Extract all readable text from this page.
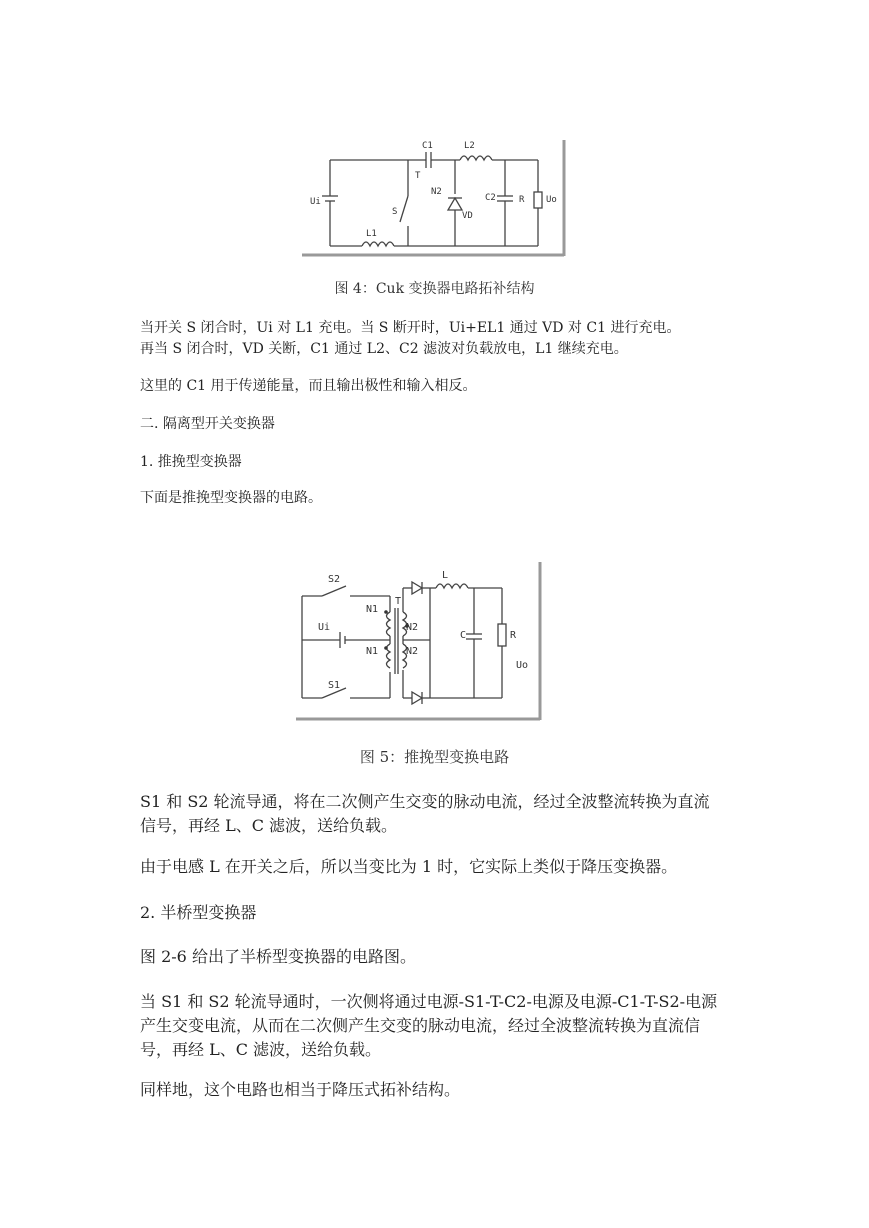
C1	L2
T
N2
Ui
S
C2	R Uo
VD
L1
图 4：Cuk 变换器电路拓补结构
当开关 S 闭合时，Ui 对 L1 充电。当 S 断开时，Ui+EL1 通过 VD 对 C1 进行充电。
再当 S 闭合时，VD 关断，C1 通过 L2、C2 滤波对负载放电，L1 继续充电。
这里的 C1 用于传递能量，而且输出极性和输入相反。
二. 隔离型开关变换器
1. 推挽型变换器
下面是推挽型变换器的电路。
S2
S1
L
T
N1
N2
N1	N2
Ui
C	R
Uo
图 5：推挽型变换电路
S1 和 S2 轮流导通，将在二次侧产生交变的脉动电流，经过全波整流转换为直流
信号，再经 L、C 滤波，送给负载。
由于电感 L 在开关之后，所以当变比为 1 时，它实际上类似于降压变换器。
2. 半桥型变换器
图 2-6 给出了半桥型变换器的电路图。
当 S1 和 S2 轮流导通时，一次侧将通过电源-S1-T-C2-电源及电源-C1-T-S2-电源
产生交变电流，从而在二次侧产生交变的脉动电流，经过全波整流转换为直流信
号，再经 L、C 滤波，送给负载。
同样地，这个电路也相当于降压式拓补结构。
